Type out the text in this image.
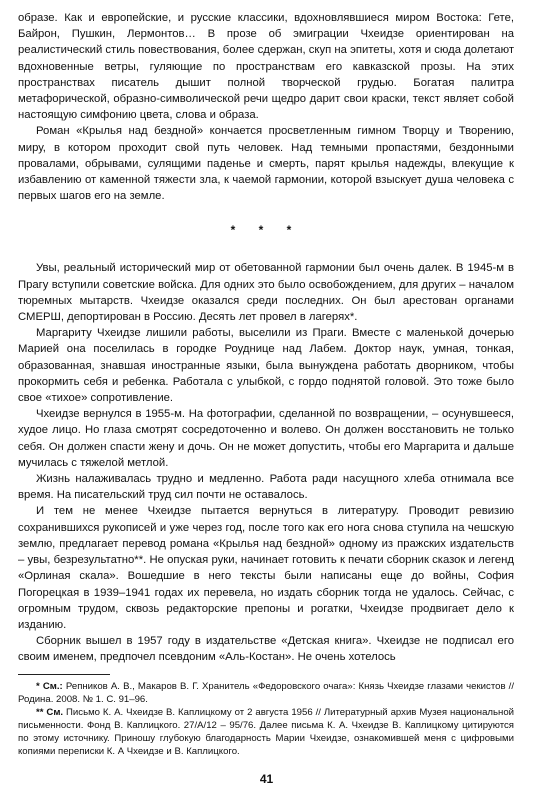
образе. Как и европейские, и русские классики, вдохновлявшиеся миром Востока: Гете, Байрон, Пушкин, Лермонтов… В прозе об эмиграции Чхеидзе ориентирован на реалистический стиль повествования, более сдержан, скуп на эпитеты, хотя и сюда долетают вдохновенные ветры, гуляющие по пространствам его кавказской прозы. На этих пространствах писатель дышит полной творческой грудью. Богатая палитра метафорической, образно-символической речи щедро дарит свои краски, текст являет собой настоящую симфонию цвета, слова и образа.

Роман «Крылья над бездной» кончается просветленным гимном Творцу и Творению, миру, в котором проходит свой путь человек. Над темными пропастями, бездонными провалами, обрывами, сулящими паденье и смерть, парят крылья надежды, влекущие к избавлению от каменной тяжести зла, к чаемой гармонии, которой взыскует душа человека с первых шагов его на земле.

* * *

Увы, реальный исторический мир от обетованной гармонии был очень далек. В 1945-м в Прагу вступили советские войска. Для одних это было освобождением, для других – началом тюремных мытарств. Чхеидзе оказался среди последних. Он был арестован органами СМЕРШ, депортирован в Россию. Десять лет провел в лагерях*.

Маргариту Чхеидзе лишили работы, выселили из Праги. Вместе с маленькой дочерью Марией она поселилась в городке Роуднице над Лабем. Доктор наук, умная, тонкая, образованная, знавшая иностранные языки, была вынуждена работать дворником, чтобы прокормить себя и ребенка. Работала с улыбкой, с гордо поднятой головой. Это тоже было свое «тихое» сопротивление.

Чхеидзе вернулся в 1955-м. На фотографии, сделанной по возвращении, – осунувшееся, худое лицо. Но глаза смотрят сосредоточенно и волево. Он должен восстановить не только себя. Он должен спасти жену и дочь. Он не может допустить, чтобы его Маргарита и дальше мучилась с тяжелой метлой.

Жизнь налаживалась трудно и медленно. Работа ради насущного хлеба отнимала все время. На писательский труд сил почти не оставалось.

И тем не менее Чхеидзе пытается вернуться в литературу. Проводит ревизию сохранившихся рукописей и уже через год, после того как его нога снова ступила на чешскую землю, предлагает перевод романа «Крылья над бездной» одному из пражских издательств – увы, безрезультатно**. Не опуская руки, начинает готовить к печати сборник сказок и легенд «Орлиная скала». Вошедшие в него тексты были написаны еще до войны, София Погорецкая в 1939–1941 годах их перевела, но издать сборник тогда не удалось. Сейчас, с огромным трудом, сквозь редакторские препоны и рогатки, Чхеидзе продвигает дело к изданию.

Сборник вышел в 1957 году в издательстве «Детская книга». Чхеидзе не подписал его своим именем, предпочел псевдоним «Аль-Костан». Не очень хотелось

* См.: Репников А. В., Макаров В. Г. Хранитель «Федоровского очага»: Князь Чхеидзе глазами чекистов // Родина. 2008. № 1. С. 91–96.

** См. Письмо К. А. Чхеидзе В. Каплицкому от 2 августа 1956 // Литературный архив Музея национальной письменности. Фонд В. Каплицкого. 27/A/12 – 95/76. Далее письма К. А. Чхеидзе В. Каплицкому цитируются по этому источнику. Приношу глубокую благодарность Марии Чхеидзе, ознакомившей меня с цифровыми копиями переписки К. А Чхеидзе и В. Каплицкого.

41
